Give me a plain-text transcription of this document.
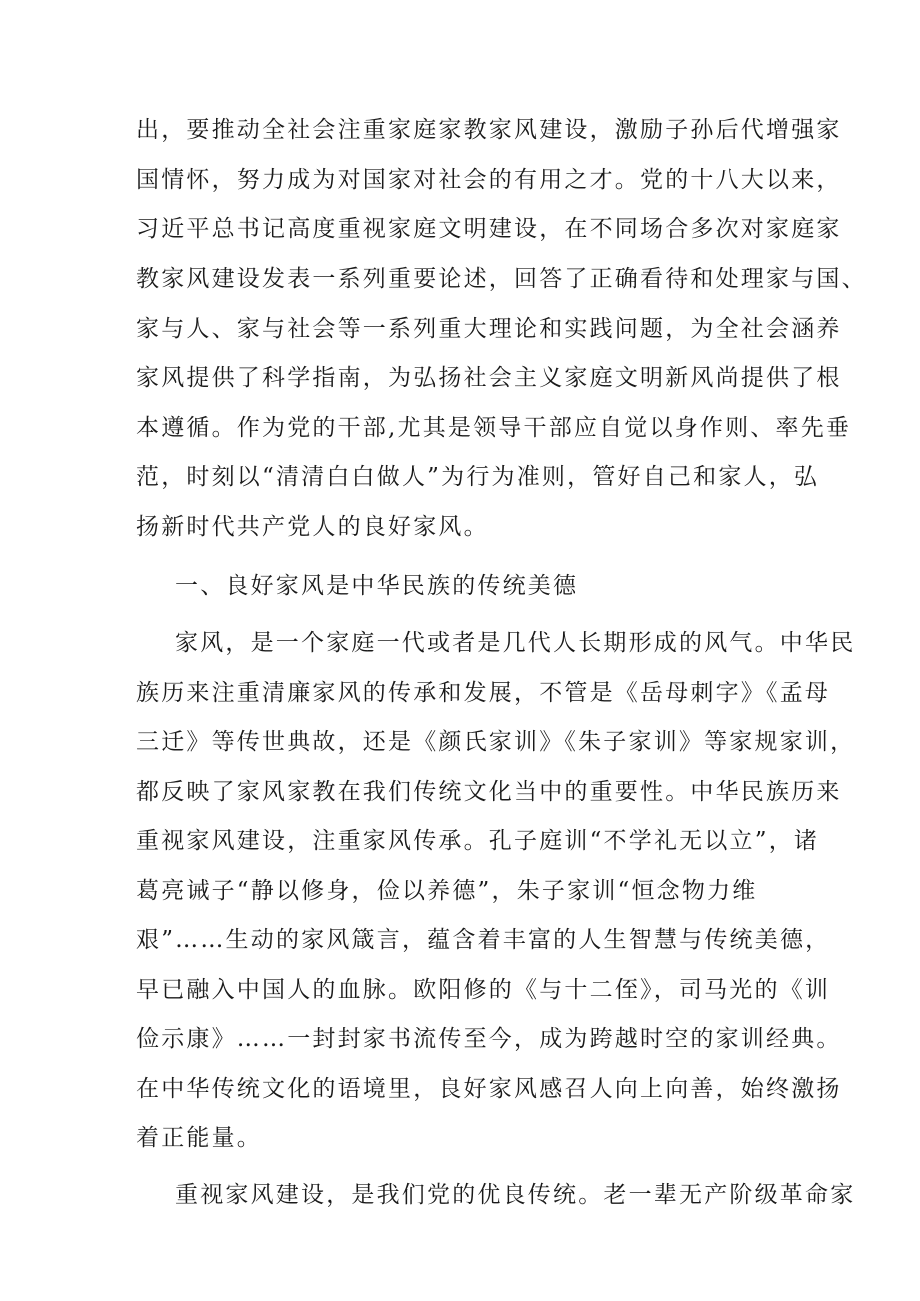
出，要推动全社会注重家庭家教家风建设，激励子孙后代增强家
国情怀，努力成为对国家对社会的有用之才。党的十八大以来，
习近平总书记高度重视家庭文明建设，在不同场合多次对家庭家
教家风建设发表一系列重要论述，回答了正确看待和处理家与国、
家与人、家与社会等一系列重大理论和实践问题，为全社会涵养
家风提供了科学指南，为弘扬社会主义家庭文明新风尚提供了根
本遵循。作为党的干部,尤其是领导干部应自觉以身作则、率先垂
范，时刻以“清清白白做人”为行为准则，管好自己和家人，弘
扬新时代共产党人的良好家风。
一、良好家风是中华民族的传统美德
家风，是一个家庭一代或者是几代人长期形成的风气。中华民
族历来注重清廉家风的传承和发展，不管是《岳母刺字》《孟母
三迁》等传世典故，还是《颜氏家训》《朱子家训》等家规家训，
都反映了家风家教在我们传统文化当中的重要性。中华民族历来
重视家风建设，注重家风传承。孔子庭训“不学礼无以立”，诸
葛亮诫子“静以修身，俭以养德”，朱子家训“恒念物力维
艰”……生动的家风箴言，蕴含着丰富的人生智慧与传统美德，
早已融入中国人的血脉。欧阳修的《与十二侄》，司马光的《训
俭示康》……一封封家书流传至今，成为跨越时空的家训经典。
在中华传统文化的语境里，良好家风感召人向上向善，始终激扬
着正能量。
重视家风建设，是我们党的优良传统。老一辈无产阶级革命家
